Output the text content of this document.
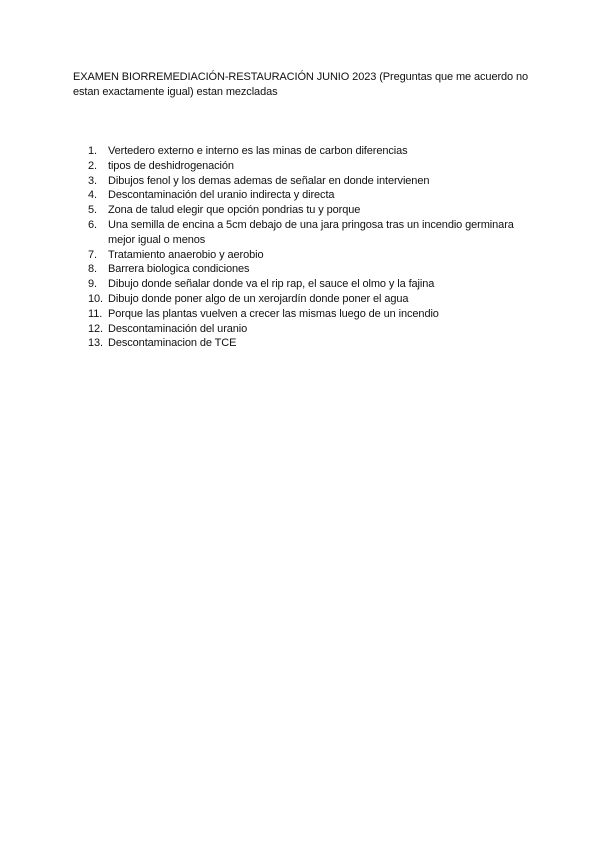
EXAMEN BIORREMEDIACIÓN-RESTAURACIÓN JUNIO 2023 (Preguntas que me acuerdo no estan exactamente igual) estan mezcladas
1.	Vertedero externo e interno es las minas de carbon diferencias
2.	tipos de deshidrogenación
3.	Dibujos fenol y los demas ademas de señalar en donde intervienen
4.	Descontaminación del uranio indirecta y directa
5.	Zona de talud elegir que opción pondrias tu y porque
6.	Una semilla de encina a 5cm debajo de una jara pringosa tras un incendio germinara mejor igual o menos
7.	Tratamiento anaerobio y aerobio
8.	Barrera biologica condiciones
9.	Dibujo donde señalar donde va el rip rap, el sauce el olmo y la fajina
10. Dibujo donde poner algo de un xerojardín donde poner el agua
11. Porque las plantas vuelven a crecer las mismas luego de un incendio
12. Descontaminación del uranio
13. Descontaminacion de TCE
